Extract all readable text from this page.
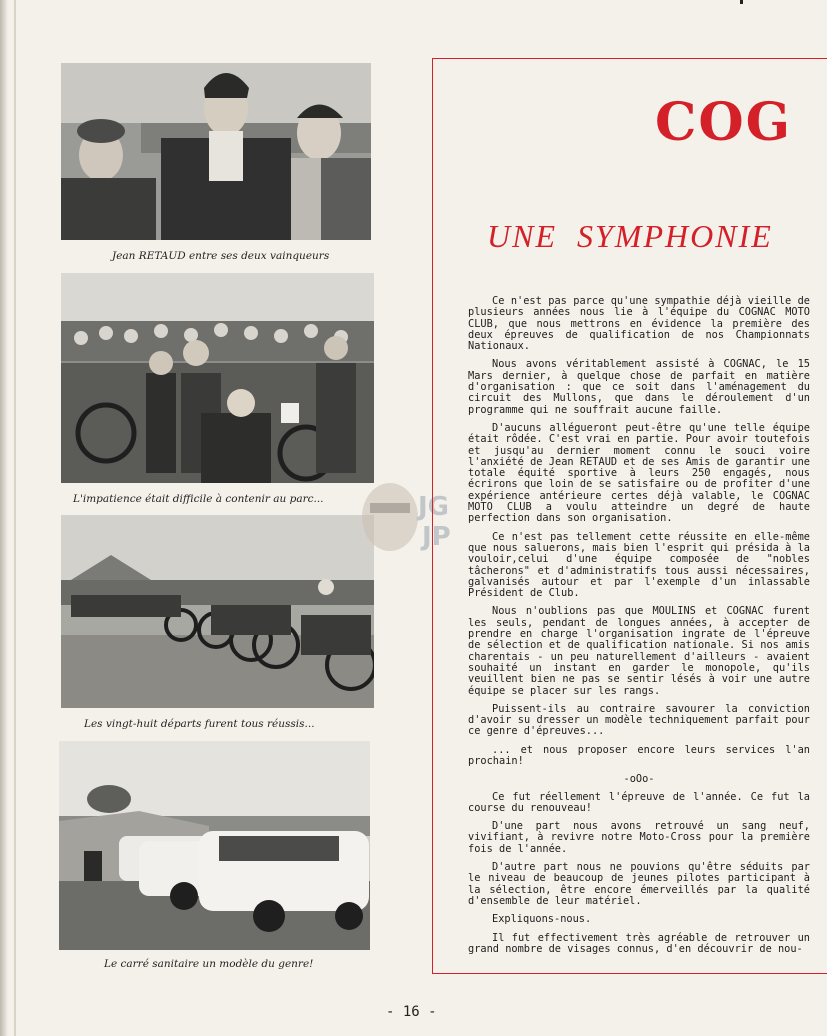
Jean RETAUD entre ses deux vainqueurs
L'impatience était difficile à contenir au parc...
Les vingt-huit départs furent tous réussis...
Le carré sanitaire un modèle du genre!
JG
JP
COG
UNE  SYMPHONIE

Ce n'est pas parce qu'une sympathie déjà vieille de plusieurs années nous lie à l'équipe du COGNAC MOTO CLUB, que nous mettrons en évidence la première des deux épreuves de qualification de nos Championnats Nationaux.

Nous avons véritablement assisté à COGNAC, le 15 Mars dernier, à quelque chose de parfait en matière d'organisation : que ce soit dans l'aménagement du circuit des Mullons, que dans le déroulement d'un programme qui ne souffrait aucune faille.

D'aucuns allégueront peut-être qu'une telle équipe était rôdée. C'est vrai en partie. Pour avoir toutefois et jusqu'au dernier moment connu le souci voire l'anxiété de Jean RETAUD et de ses Amis de garantir une totale équité sportive à leurs 250 engagés, nous écrirons que loin de se satisfaire ou de profiter d'une expérience antérieure certes déjà valable, le COGNAC MOTO CLUB a voulu atteindre un degré de haute perfection dans son organisation.

Ce n'est pas tellement cette réussite en elle-même que nous saluerons, mais bien l'esprit qui présida à la vouloir,celui d'une équipe composée de "nobles tâcherons" et d'administratifs tous aussi nécessaires, galvanisés autour et par l'exemple d'un inlassable Président de Club.

Nous n'oublions pas que MOULINS et COGNAC furent les seuls, pendant de longues années, à accepter de prendre en charge l'organisation ingrate de l'épreuve de sélection et de qualification nationale. Si nos amis charentais - un peu naturellement d'ailleurs - avaient souhaité un instant en garder le monopole, qu'ils veuillent bien ne pas se sentir lésés à voir une autre équipe se placer sur les rangs.

Puissent-ils au contraire savourer la conviction d'avoir su dresser un modèle techniquement parfait pour ce genre d'épreuves...

... et nous proposer encore leurs services l'an prochain!

-oOo-

Ce fut réellement l'épreuve de l'année. Ce fut la course du renouveau!

D'une part nous avons retrouvé un sang neuf, vivifiant, à revivre notre Moto-Cross pour la première fois de l'année.

D'autre part nous ne pouvions qu'être séduits par le niveau de beaucoup de jeunes pilotes participant à la sélection, être encore émerveillés par la qualité d'ensemble de leur matériel.

Expliquons-nous.

Il fut effectivement très agréable de retrouver un grand nombre de visages connus, d'en découvrir de nou-

- 16 -
